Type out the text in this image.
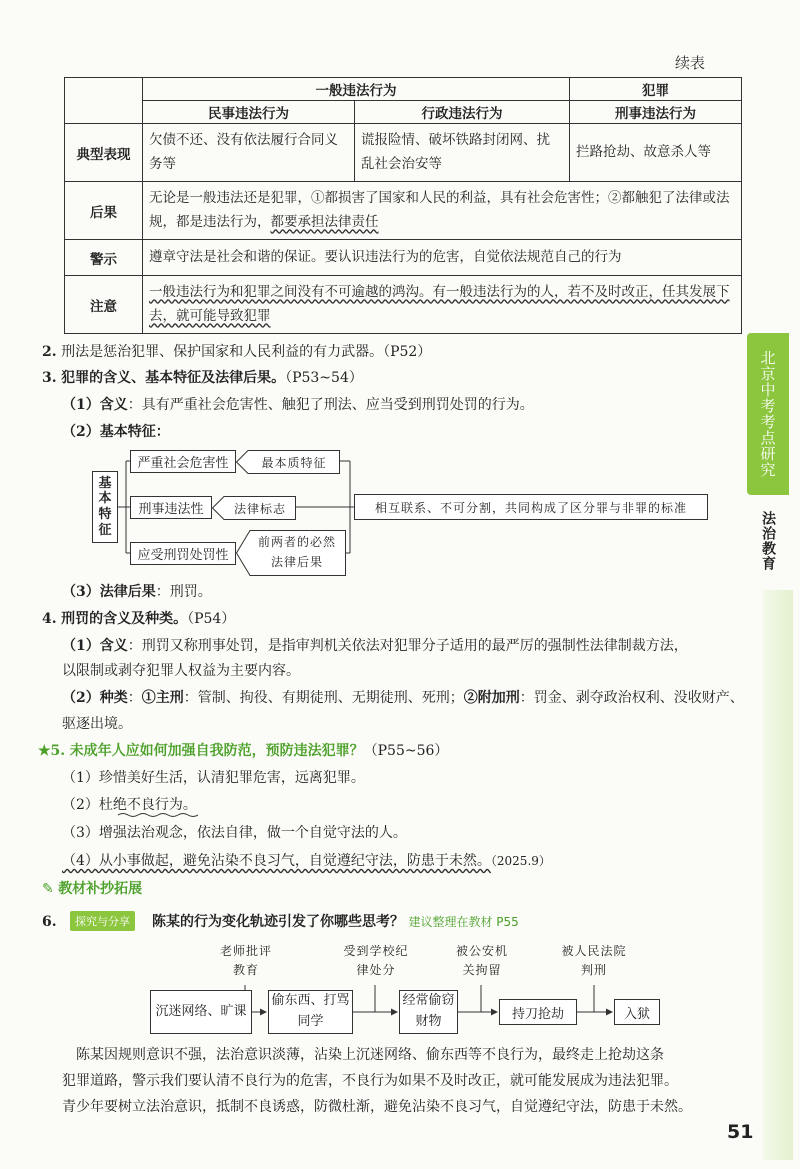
续表
北京中考考点研究
法治教育
	一般违法行为		犯罪
	民事违法行为	行政违法行为	刑事违法行为
典型表现	欠债不还、没有依法履行合同义务等	谎报险情、破坏铁路封闭网、扰乱社会治安等	拦路抢劫、故意杀人等
后果	无论是一般违法还是犯罪，①都损害了国家和人民的利益，具有社会危害性；②都触犯了法律或法规，都是违法行为，都要承担法律责任		
警示	遵章守法是社会和谐的保证。要认识违法行为的危害，自觉依法规范自己的行为		
注意	一般违法行为和犯罪之间没有不可逾越的鸿沟。有一般违法行为的人，若不及时改正，任其发展下去，就可能导致犯罪		
2. 刑法是惩治犯罪、保护国家和人民利益的有力武器。（P52）
3. 犯罪的含义、基本特征及法律后果。（P53~54）
（1）含义：具有严重社会危害性、触犯了刑法、应当受到刑罚处罚的行为。
（2）基本特征：
基本特征
严重社会危害性
刑事违法性
应受刑罚处罚性
最本质特征
法律标志
前两者的必然法律后果
相互联系、不可分割，共同构成了区分罪与非罪的标准
（3）法律后果：刑罚。
4. 刑罚的含义及种类。（P54）
（1）含义：刑罚又称刑事处罚，是指审判机关依法对犯罪分子适用的最严厉的强制性法律制裁方法，
以限制或剥夺犯罪人权益为主要内容。
（2）种类：①主刑：管制、拘役、有期徒刑、无期徒刑、死刑；②附加刑：罚金、剥夺政治权利、没收财产、
驱逐出境。
★5. 未成年人应如何加强自我防范，预防违法犯罪？（P55~56）
（1）珍惜美好生活，认清犯罪危害，远离犯罪。
（2）杜绝不良行为。
（3）增强法治观念，依法自律，做一个自觉守法的人。
（4）从小事做起，避免沾染不良习气，自觉遵纪守法，防患于未然。（2025.9）
✎ 教材补抄拓展
6.	探究与分享	陈某的行为变化轨迹引发了你哪些思考？ 建议整理在教材 P55
沉迷网络、旷课
偷东西、打骂同学
经常偷窃财物	持刀抢劫	入狱
老师批评教育
受到学校纪律处分
被公安机关拘留
被人民法院判刑
陈某因规则意识不强，法治意识淡薄，沾染上沉迷网络、偷东西等不良行为，最终走上抢劫这条
犯罪道路，警示我们要认清不良行为的危害，不良行为如果不及时改正，就可能发展成为违法犯罪。
青少年要树立法治意识，抵制不良诱惑，防微杜渐，避免沾染不良习气，自觉遵纪守法，防患于未然。
51
